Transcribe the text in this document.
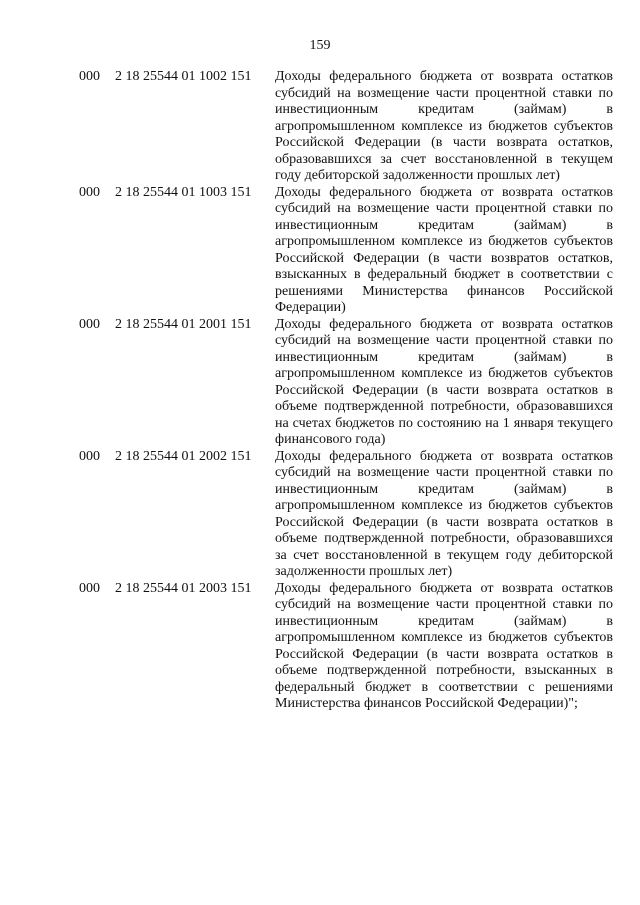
159
000	2 18 25544 01 1002 151	Доходы федерального бюджета от возврата остатков субсидий на возмещение части процентной ставки по инвестиционным кредитам (займам) в агропромышленном комплексе из бюджетов субъектов Российской Федерации (в части возврата остатков, образовавшихся за счет восстановленной в текущем году дебиторской задолженности прошлых лет)
000	2 18 25544 01 1003 151	Доходы федерального бюджета от возврата остатков субсидий на возмещение части процентной ставки по инвестиционным кредитам (займам) в агропромышленном комплексе из бюджетов субъектов Российской Федерации (в части возвратов остатков, взысканных в федеральный бюджет в соответствии с решениями Министерства финансов Российской Федерации)
000	2 18 25544 01 2001 151	Доходы федерального бюджета от возврата остатков субсидий на возмещение части процентной ставки по инвестиционным кредитам (займам) в агропромышленном комплексе из бюджетов субъектов Российской Федерации (в части возврата остатков в объеме подтвержденной потребности, образовавшихся на счетах бюджетов по состоянию на 1 января текущего финансового года)
000	2 18 25544 01 2002 151	Доходы федерального бюджета от возврата остатков субсидий на возмещение части процентной ставки по инвестиционным кредитам (займам) в агропромышленном комплексе из бюджетов субъектов Российской Федерации (в части возврата остатков в объеме подтвержденной потребности, образовавшихся за счет восстановленной в текущем году дебиторской задолженности прошлых лет)
000	2 18 25544 01 2003 151	Доходы федерального бюджета от возврата остатков субсидий на возмещение части процентной ставки по инвестиционным кредитам (займам) в агропромышленном комплексе из бюджетов субъектов Российской Федерации (в части возврата остатков в объеме подтвержденной потребности, взысканных в федеральный бюджет в соответствии с решениями Министерства финансов Российской Федерации)";
